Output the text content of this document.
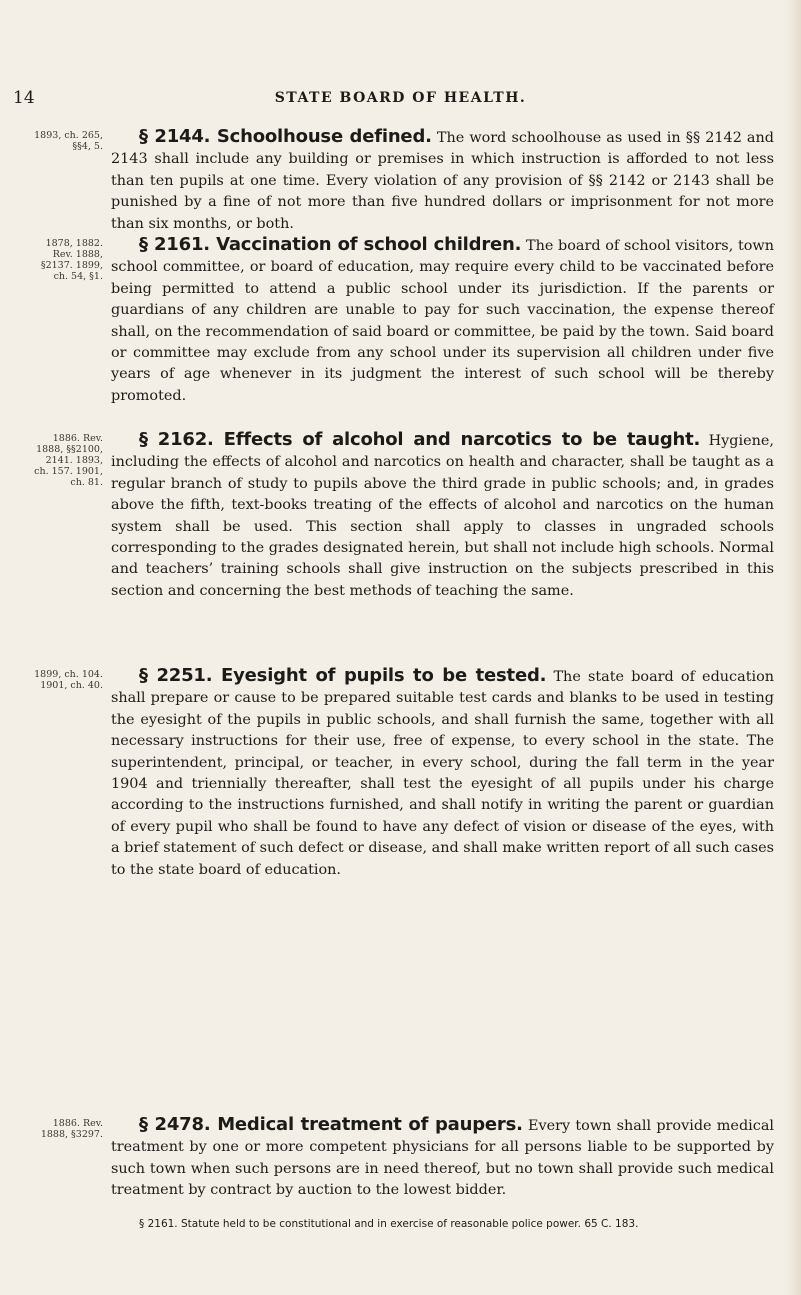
14	STATE BOARD OF HEALTH.
1893, ch. 265, §§4, 5.	§ 2144. Schoolhouse defined. The word schoolhouse as used in §§ 2142 and 2143 shall include any building or premises in which instruction is afforded to not less than ten pupils at one time. Every violation of any provision of §§ 2142 or 2143 shall be punished by a fine of not more than five hundred dollars or imprisonment for not more than six months, or both.

1878, 1882. Rev. 1888, §2137. 1899, ch. 54, §1.

§ 2161. Vaccination of school children. The board of school visitors, town school committee, or board of education, may require every child to be vaccinated before being permitted to attend a public school under its jurisdiction. If the parents or guardians of any children are unable to pay for such vaccination, the expense thereof shall, on the recommendation of said board or committee, be paid by the town. Said board or committee may exclude from any school under its supervision all children under five years of age whenever in its judgment the interest of such school will be thereby promoted.

1886. Rev. 1888, §§2100, 2141. 1893, ch. 157. 1901, ch. 81.

§ 2162. Effects of alcohol and narcotics to be taught. Hygiene, including the effects of alcohol and narcotics on health and character, shall be taught as a regular branch of study to pupils above the third grade in public schools; and, in grades above the fifth, text-books treating of the effects of alcohol and narcotics on the human system shall be used. This section shall apply to classes in ungraded schools corresponding to the grades designated herein, but shall not include high schools. Normal and teachers’ training schools shall give instruction on the subjects prescribed in this section and concerning the best methods of teaching the same.

1899, ch. 104. 1901, ch. 40.	§ 2251. Eyesight of pupils to be tested. The state board of education shall prepare or cause to be prepared suitable test cards and blanks to be used in testing the eyesight of the pupils in public schools, and shall furnish the same, together with all necessary instructions for their use, free of expense, to every school in the state. The superintendent, principal, or teacher, in every school, during the fall term in the year 1904 and triennially thereafter, shall test the eyesight of all pupils under his charge according to the instructions furnished, and shall notify in writing the parent or guardian of every pupil who shall be found to have any defect of vision or disease of the eyes, with a brief statement of such defect or disease, and shall make written report of all such cases to the state board of education.

1886. Rev. 1888, §3297.	§ 2478. Medical treatment of paupers. Every town shall provide medical treatment by one or more competent physicians for all persons liable to be supported by such town when such persons are in need thereof, but no town shall provide such medical treatment by contract by auction to the lowest bidder.

§ 2161. Statute held to be constitutional and in exercise of reasonable police power. 65 C. 183.
